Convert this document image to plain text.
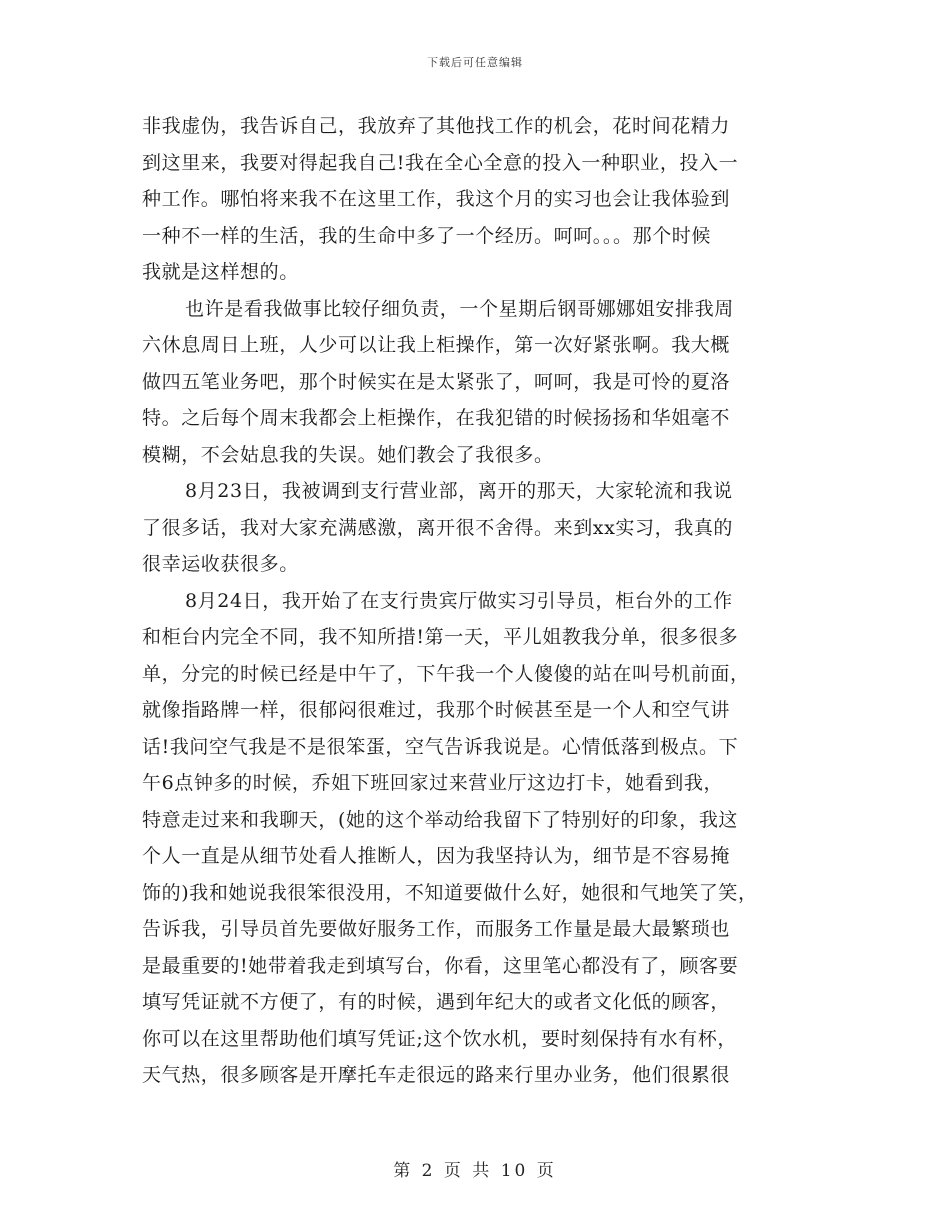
下载后可任意编辑
非我虚伪，我告诉自己，我放弃了其他找工作的机会，花时间花精力
到这里来，我要对得起我自己!我在全心全意的投入一种职业，投入一
种工作。哪怕将来我不在这里工作，我这个月的实习也会让我体验到
一种不一样的生活，我的生命中多了一个经历。呵呵。。。那个时候
我就是这样想的。
也许是看我做事比较仔细负责，一个星期后钢哥娜娜姐安排我周
六休息周日上班，人少可以让我上柜操作，第一次好紧张啊。我大概
做四五笔业务吧，那个时候实在是太紧张了，呵呵，我是可怜的夏洛
特。之后每个周末我都会上柜操作，在我犯错的时候扬扬和华姐毫不
模糊，不会姑息我的失误。她们教会了我很多。
8月23日，我被调到支行营业部，离开的那天，大家轮流和我说
了很多话，我对大家充满感激，离开很不舍得。来到xx实习，我真的
很幸运收获很多。
8月24日，我开始了在支行贵宾厅做实习引导员，柜台外的工作
和柜台内完全不同，我不知所措!第一天，平儿姐教我分单，很多很多
单，分完的时候已经是中午了，下午我一个人傻傻的站在叫号机前面，
就像指路牌一样，很郁闷很难过，我那个时候甚至是一个人和空气讲
话!我问空气我是不是很笨蛋，空气告诉我说是。心情低落到极点。下
午6点钟多的时候，乔姐下班回家过来营业厅这边打卡，她看到我，
特意走过来和我聊天，(她的这个举动给我留下了特别好的印象，我这
个人一直是从细节处看人推断人，因为我坚持认为，细节是不容易掩
饰的)我和她说我很笨很没用，不知道要做什么好，她很和气地笑了笑，
告诉我，引导员首先要做好服务工作，而服务工作量是最大最繁琐也
是最重要的!她带着我走到填写台，你看，这里笔心都没有了，顾客要
填写凭证就不方便了，有的时候，遇到年纪大的或者文化低的顾客，
你可以在这里帮助他们填写凭证;这个饮水机，要时刻保持有水有杯，
天气热，很多顾客是开摩托车走很远的路来行里办业务，他们很累很
第 2 页 共 10 页
